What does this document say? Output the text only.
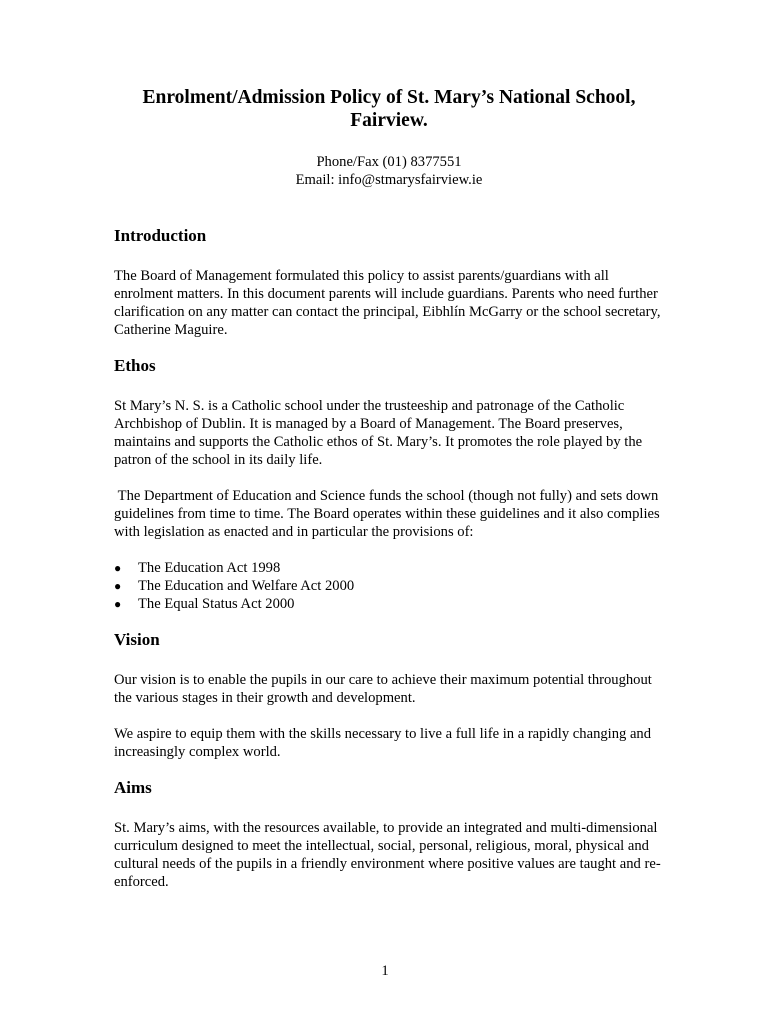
Enrolment/Admission Policy of St. Mary’s National School, Fairview.
Phone/Fax (01) 8377551
Email: info@stmarysfairview.ie
Introduction

The Board of Management formulated this policy to assist parents/guardians with all enrolment matters. In this document parents will include guardians. Parents who need further clarification on any matter can contact the principal, Eibhlín McGarry or the school secretary, Catherine Maguire.

Ethos

St Mary’s N. S. is a Catholic school under the trusteeship and patronage of the Catholic Archbishop of Dublin. It is managed by a Board of Management. The Board preserves, maintains and supports the Catholic ethos of St. Mary’s. It promotes the role played by the patron of the school in its daily life.

The Department of Education and Science funds the school (though not fully) and sets down guidelines from time to time. The Board operates within these guidelines and it also complies with legislation as enacted and in particular the provisions of:

● The Education Act 1998
● The Education and Welfare Act 2000
● The Equal Status Act 2000
Vision

Our vision is to enable the pupils in our care to achieve their maximum potential throughout the various stages in their growth and development.

We aspire to equip them with the skills necessary to live a full life in a rapidly changing and increasingly complex world.

Aims

St. Mary’s aims, with the resources available, to provide an integrated and multi-dimensional curriculum designed to meet the intellectual, social, personal, religious, moral, physical and cultural needs of the pupils in a friendly environment where positive values are taught and re-enforced.

1
